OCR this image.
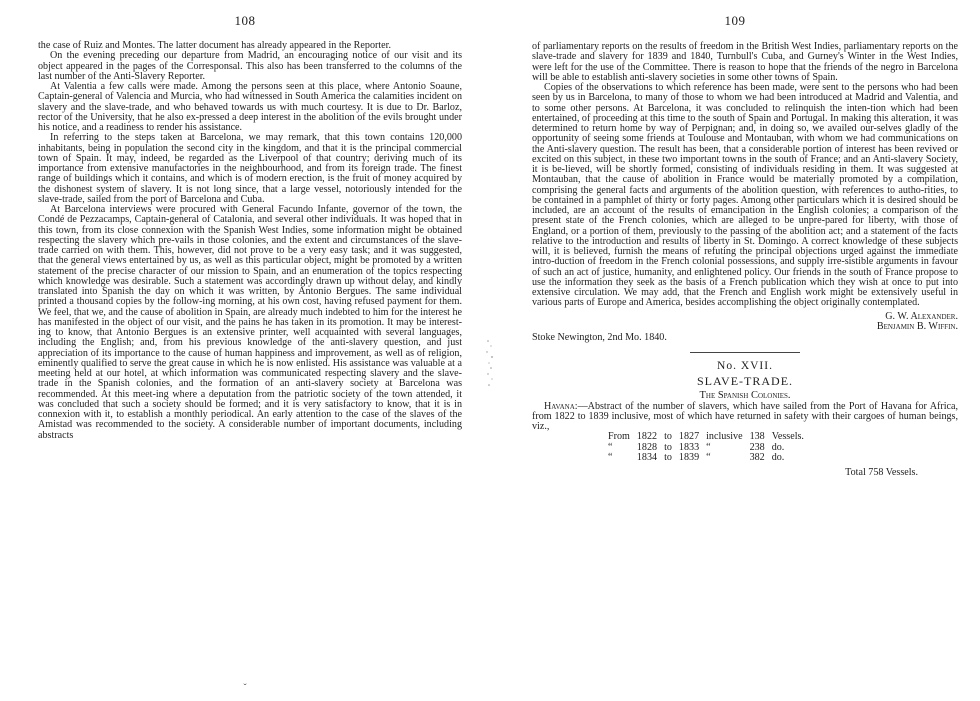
108

the case of Ruiz and Montes. The latter document has already appeared in the Reporter.

On the evening preceding our departure from Madrid, an encouraging notice of our visit and its object appeared in the pages of the Corresponsal. This also has been transferred to the columns of the last number of the Anti-Slavery Reporter.

At Valentia a few calls were made. Among the persons seen at this place, where Antonio Soaune, Captain-general of Valencia and Murcia, who had witnessed in South America the calamities incident on slavery and the slave-trade, and who behaved towards us with much courtesy. It is due to Dr. Barloz, rector of the University, that he also ex-pressed a deep interest in the abolition of the evils brought under his notice, and a readiness to render his assistance.

In referring to the steps taken at Barcelona, we may remark, that this town contains 120,000 inhabitants, being in population the second city in the kingdom, and that it is the principal commercial town of Spain. It may, indeed, be regarded as the Liverpool of that country; deriving much of its importance from extensive manufactories in the neighbourhood, and from its foreign trade. The finest range of buildings which it contains, and which is of modern erection, is the fruit of money acquired by the dishonest system of slavery. It is not long since, that a large vessel, notoriously intended for the slave-trade, sailed from the port of Barcelona and Cuba.

At Barcelona interviews were procured with General Facundo Infante, governor of the town, the Condé de Pezzacamps, Captain-general of Catalonia, and several other individuals. It was hoped that in this town, from its close connexion with the Spanish West Indies, some information might be obtained respecting the slavery which pre-vails in those colonies, and the extent and circumstances of the slave-trade carried on with them. This, however, did not prove to be a very easy task; and it was suggested, that the general views entertained by us, as well as this particular object, might be promoted by a written statement of the precise character of our mission to Spain, and an enumeration of the topics respecting which knowledge was desirable. Such a statement was accordingly drawn up without delay, and kindly translated into Spanish the day on which it was written, by Antonio Bergues. The same individual printed a thousand copies by the follow-ing morning, at his own cost, having refused payment for them. We feel, that we, and the cause of abolition in Spain, are already much indebted to him for the interest he has manifested in the object of our visit, and the pains he has taken in its promotion. It may be interest-ing to know, that Antonio Bergues is an extensive printer, well acquainted with several languages, including the English; and, from his previous knowledge of the anti-slavery question, and just appreciation of its importance to the cause of human happiness and improvement, as well as of religion, eminently qualified to serve the great cause in which he is now enlisted. His assistance was valuable at a meeting held at our hotel, at which information was communicated respecting slavery and the slave-trade in the Spanish colonies, and the formation of an anti-slavery society at Barcelona was recommended. At this meet-ing where a deputation from the patriotic society of the town attended, it was concluded that such a society should be formed; and it is very satisfactory to know, that it is in connexion with it, to establish a monthly periodical. An early attention to the case of the slaves of the Amistad was recommended to the society. A considerable number of important documents, including abstracts

ˇ
109

of parliamentary reports on the results of freedom in the British West Indies, parliamentary reports on the slave-trade and slavery for 1839 and 1840, Turnbull's Cuba, and Gurney's Winter in the West Indies, were left for the use of the Committee. There is reason to hope that the friends of the negro in Barcelona will be able to establish anti-slavery societies in some other towns of Spain.

Copies of the observations to which reference has been made, were sent to the persons who had been seen by us in Barcelona, to many of those to whom we had been introduced at Madrid and Valentia, and to some other persons. At Barcelona, it was concluded to relinquish the inten-tion which had been entertained, of proceeding at this time to the south of Spain and Portugal. In making this alteration, it was determined to return home by way of Perpignan; and, in doing so, we availed our-selves gladly of the opportunity of seeing some friends at Toulouse and Montauban, with whom we had communications on the Anti-slavery question. The result has been, that a considerable portion of interest has been revived or excited on this subject, in these two important towns in the south of France; and an Anti-slavery Society, it is be-lieved, will be shortly formed, consisting of individuals residing in them. It was suggested at Montauban, that the cause of abolition in France would be materially promoted by a compilation, comprising the general facts and arguments of the abolition question, with references to autho-rities, to be contained in a pamphlet of thirty or forty pages. Among other particulars which it is desired should be included, are an account of the results of emancipation in the English colonies; a comparison of the present state of the French colonies, which are alleged to be unpre-pared for liberty, with those of England, or a portion of them, previously to the passing of the abolition act; and a statement of the facts relative to the introduction and results of liberty in St. Domingo. A correct knowledge of these subjects will, it is believed, furnish the means of refuting the principal objections urged against the immediate intro-duction of freedom in the French colonial possessions, and supply irre-sistible arguments in favour of such an act of justice, humanity, and enlightened policy. Our friends in the south of France propose to use the information they seek as the basis of a French publication which they wish at once to put into extensive circulation. We may add, that the French and English work might be extensively useful in various parts of Europe and America, besides accomplishing the object originally contemplated.

G. W. Alexander.
Benjamin B. Wiffin.

Stoke Newington, 2nd Mo. 1840.

No. XVII.
SLAVE-TRADE.
The Spanish Colonies.

Havana:—Abstract of the number of slavers, which have sailed from the Port of Havana for Africa, from 1822 to 1839 inclusive, most of which have returned in safety with their cargoes of human beings, viz.,

From	1822	to	1827	inclusive	138	Vessels.
“	1828	to	1833	“	238	do.
“	1834	to	1839	“	382	do.
Total 758 Vessels.
